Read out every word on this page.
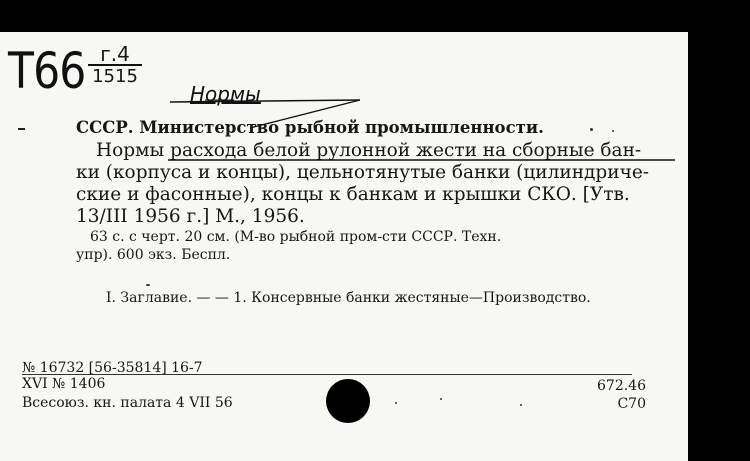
Т66 г.4
1515
Нормы
СССР. Министерство рыбной промышленности.
Нормы расхода белой рулонной жести на сборные бан-
ки (корпуса и концы), цельнотянутые банки (цилиндриче-
ские и фасонные), концы к банкам и крышки СКО. [Утв.
13/III 1956 г.] М., 1956.
63 с. с черт. 20 см. (М-во рыбной пром-сти СССР. Техн.
упр). 600 экз. Беспл.
I. Заглавие. — — 1. Консервные банки жестяные—Производство.
№ 16732 [56-35814] 16-7
XVI № 1406
Всесоюз. кн. палата 4 VII 56
672.46
С70
